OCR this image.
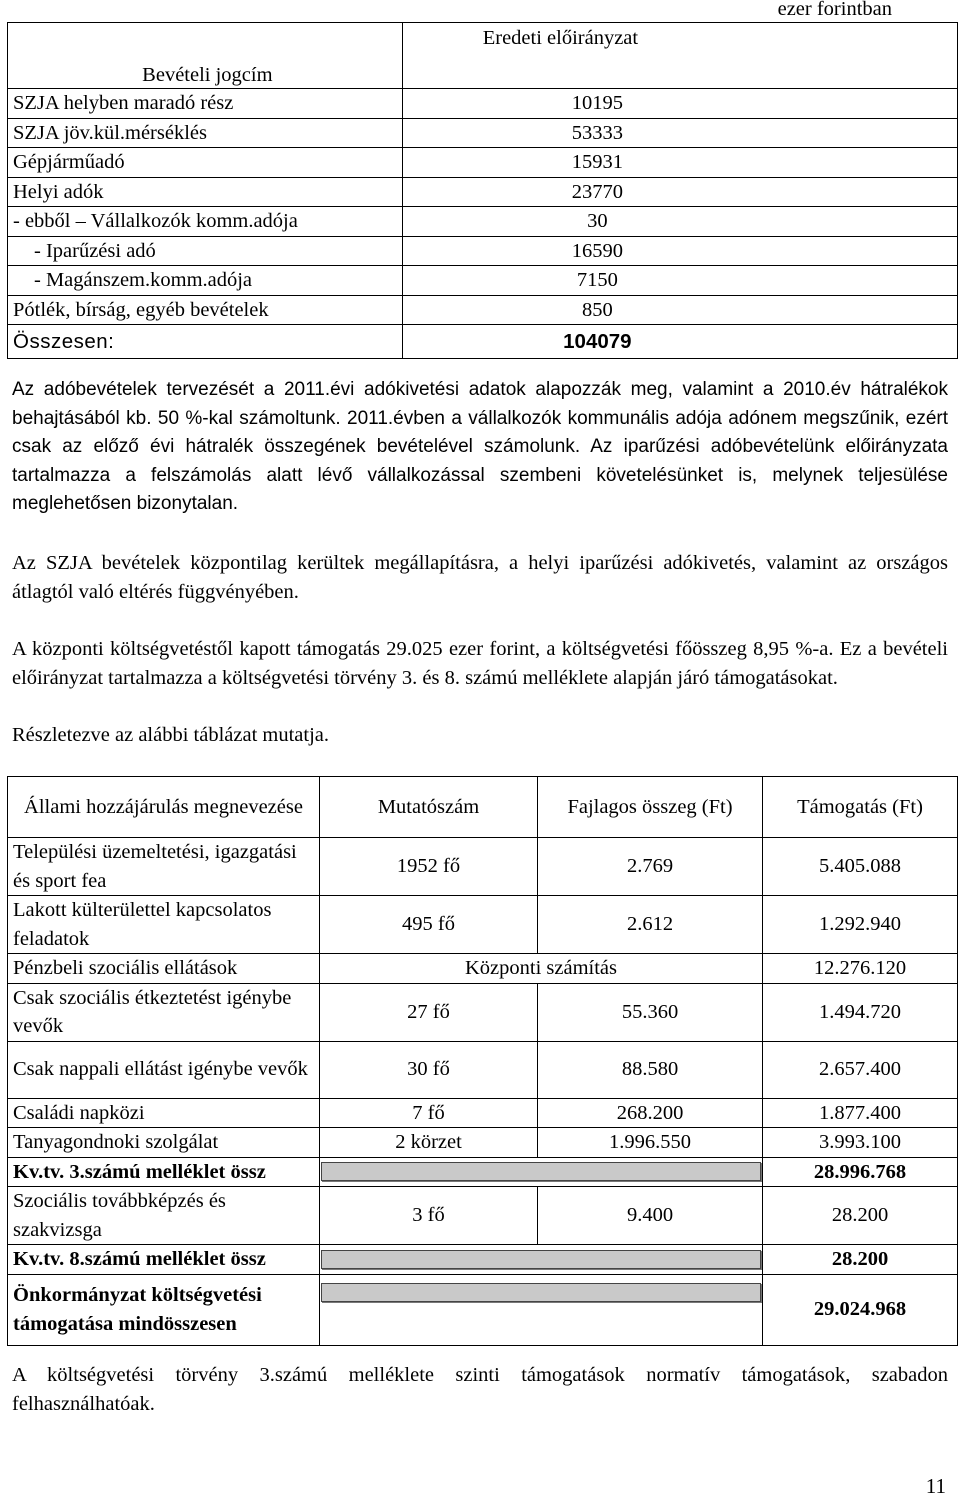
ezer forintban
Bevételi jogcím	Eredeti előirányzat
SZJA helyben maradó rész	10195
SZJA jöv.kül.mérséklés	53333
Gépjárműadó	15931
Helyi adók	23770
- ebből – Vállalkozók komm.adója	30
- Iparűzési adó	16590
- Magánszem.komm.adója	7150
Pótlék, bírság, egyéb bevételek	850
Összesen:	104079
Az adóbevételek tervezését a 2011.évi adókivetési adatok alapozzák meg, valamint a 2010.év hátralékok behajtásából kb. 50 %-kal számoltunk. 2011.évben a vállalkozók kommunális adója adónem megszűnik, ezért csak az előző évi hátralék összegének bevételével számolunk. Az iparűzési adóbevételünk előirányzata tartalmazza a felszámolás alatt lévő vállalkozással szembeni követelésünket is, melynek teljesülése meglehetősen bizonytalan.
Az SZJA bevételek központilag kerültek megállapításra, a helyi iparűzési adókivetés, valamint az országos átlagtól való eltérés függvényében.
A központi költségvetéstől kapott támogatás 29.025 ezer forint, a költségvetési főösszeg 8,95 %-a. Ez a bevételi előirányzat tartalmazza a költségvetési törvény 3. és 8. számú melléklete alapján járó támogatásokat.
Részletezve az alábbi táblázat mutatja.
Állami hozzájárulás megnevezése	Mutatószám	Fajlagos összeg (Ft)	Támogatás (Ft)
Települési üzemeltetési, igazgatási és sport fea	1952 fő	2.769	5.405.088
Lakott külterülettel kapcsolatos feladatok	495 fő	2.612	1.292.940
Pénzbeli szociális ellátások	Központi számítás		12.276.120
Csak szociális étkeztetést igénybe vevők	27 fő	55.360	1.494.720
Csak nappali ellátást igénybe vevők	30 fő	88.580	2.657.400
Családi napközi	7 fő	268.200	1.877.400
Tanyagondnoki szolgálat	2 körzet	1.996.550	3.993.100
Kv.tv. 3.számú melléklet össz			28.996.768
Szociális továbbképzés és szakvizsga	3 fő	9.400	28.200
Kv.tv. 8.számú melléklet össz			28.200
Önkormányzat költségvetési támogatása mindösszesen			29.024.968
A költségvetési törvény 3.számú melléklete szinti támogatások normatív támogatások, szabadon felhasználhatóak.
11
